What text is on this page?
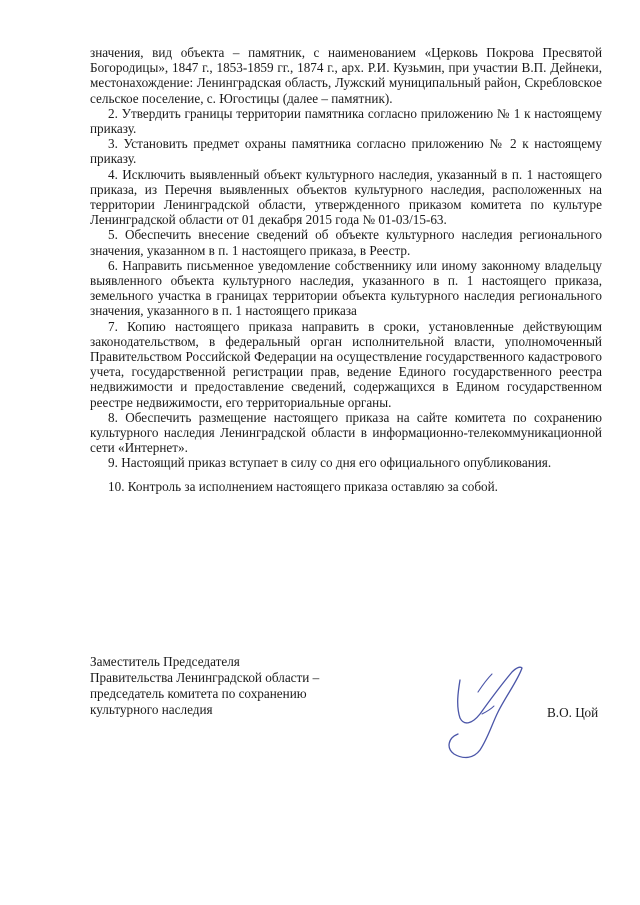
значения, вид объекта – памятник, с наименованием «Церковь Покрова Пресвятой Богородицы», 1847 г., 1853-1859 гг., 1874 г., арх. Р.И. Кузьмин, при участии В.П. Дейнеки, местонахождение: Ленинградская область, Лужский муниципальный район, Скребловское сельское поселение, с. Югостицы (далее – памятник).

2. Утвердить границы территории памятника согласно приложению № 1 к настоящему приказу.

3. Установить предмет охраны памятника согласно приложению № 2 к настоящему приказу.

4. Исключить выявленный объект культурного наследия, указанный в п. 1 настоящего приказа, из Перечня выявленных объектов культурного наследия, расположенных на территории Ленинградской области, утвержденного приказом комитета по культуре Ленинградской области от 01 декабря 2015 года № 01-03/15-63.

5. Обеспечить внесение сведений об объекте культурного наследия регионального значения, указанном в п. 1 настоящего приказа, в Реестр.

6. Направить письменное уведомление собственнику или иному законному владельцу выявленного объекта культурного наследия, указанного в п. 1 настоящего приказа, земельного участка в границах территории объекта культурного наследия регионального значения, указанного в п. 1 настоящего приказа

7. Копию настоящего приказа направить в сроки, установленные действующим законодательством, в федеральный орган исполнительной власти, уполномоченный Правительством Российской Федерации на осуществление государственного кадастрового учета, государственной регистрации прав, ведение Единого государственного реестра недвижимости и предоставление сведений, содержащихся в Едином государственном реестре недвижимости, его территориальные органы.

8. Обеспечить размещение настоящего приказа на сайте комитета по сохранению культурного наследия Ленинградской области в информационно-телекоммуникационной сети «Интернет».

9. Настоящий приказ вступает в силу со дня его официального опубликования.

10. Контроль за исполнением настоящего приказа оставляю за собой.

Заместитель Председателя
Правительства Ленинградской области –
председатель комитета по сохранению
культурного наследия	В.О. Цой
